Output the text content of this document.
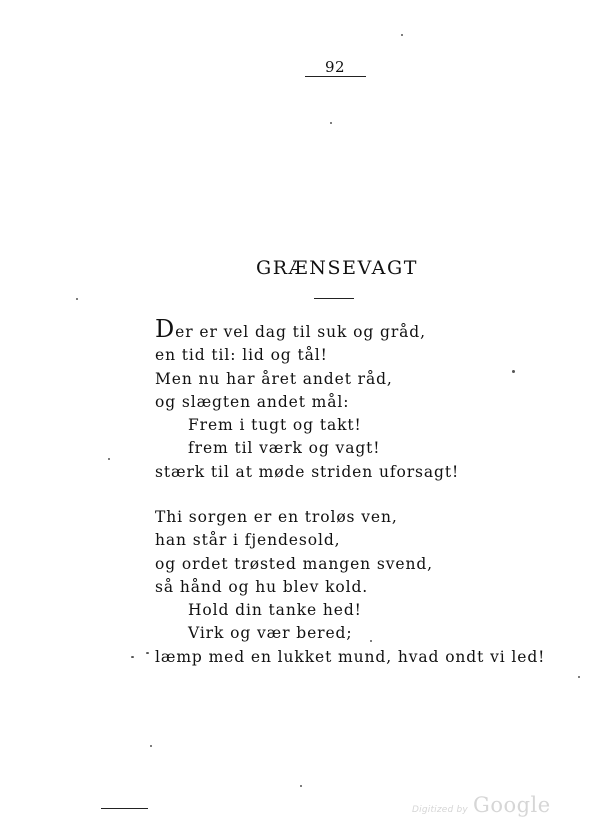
92
GRÆNSEVAGT
Der er vel dag til suk og gråd,
en tid til: lid og tål!
Men nu har året andet råd,
og slægten andet mål:
Frem i tugt og takt!
frem til værk og vagt!
stærk til at møde striden uforsagt!
Thi sorgen er en troløs ven,
han står i fjendesold,
og ordet trøsted mangen svend,
så hånd og hu blev kold.
Hold din tanke hed!
Virk og vær bered;
læmp med en lukket mund, hvad ondt vi led!
Digitized by Google
